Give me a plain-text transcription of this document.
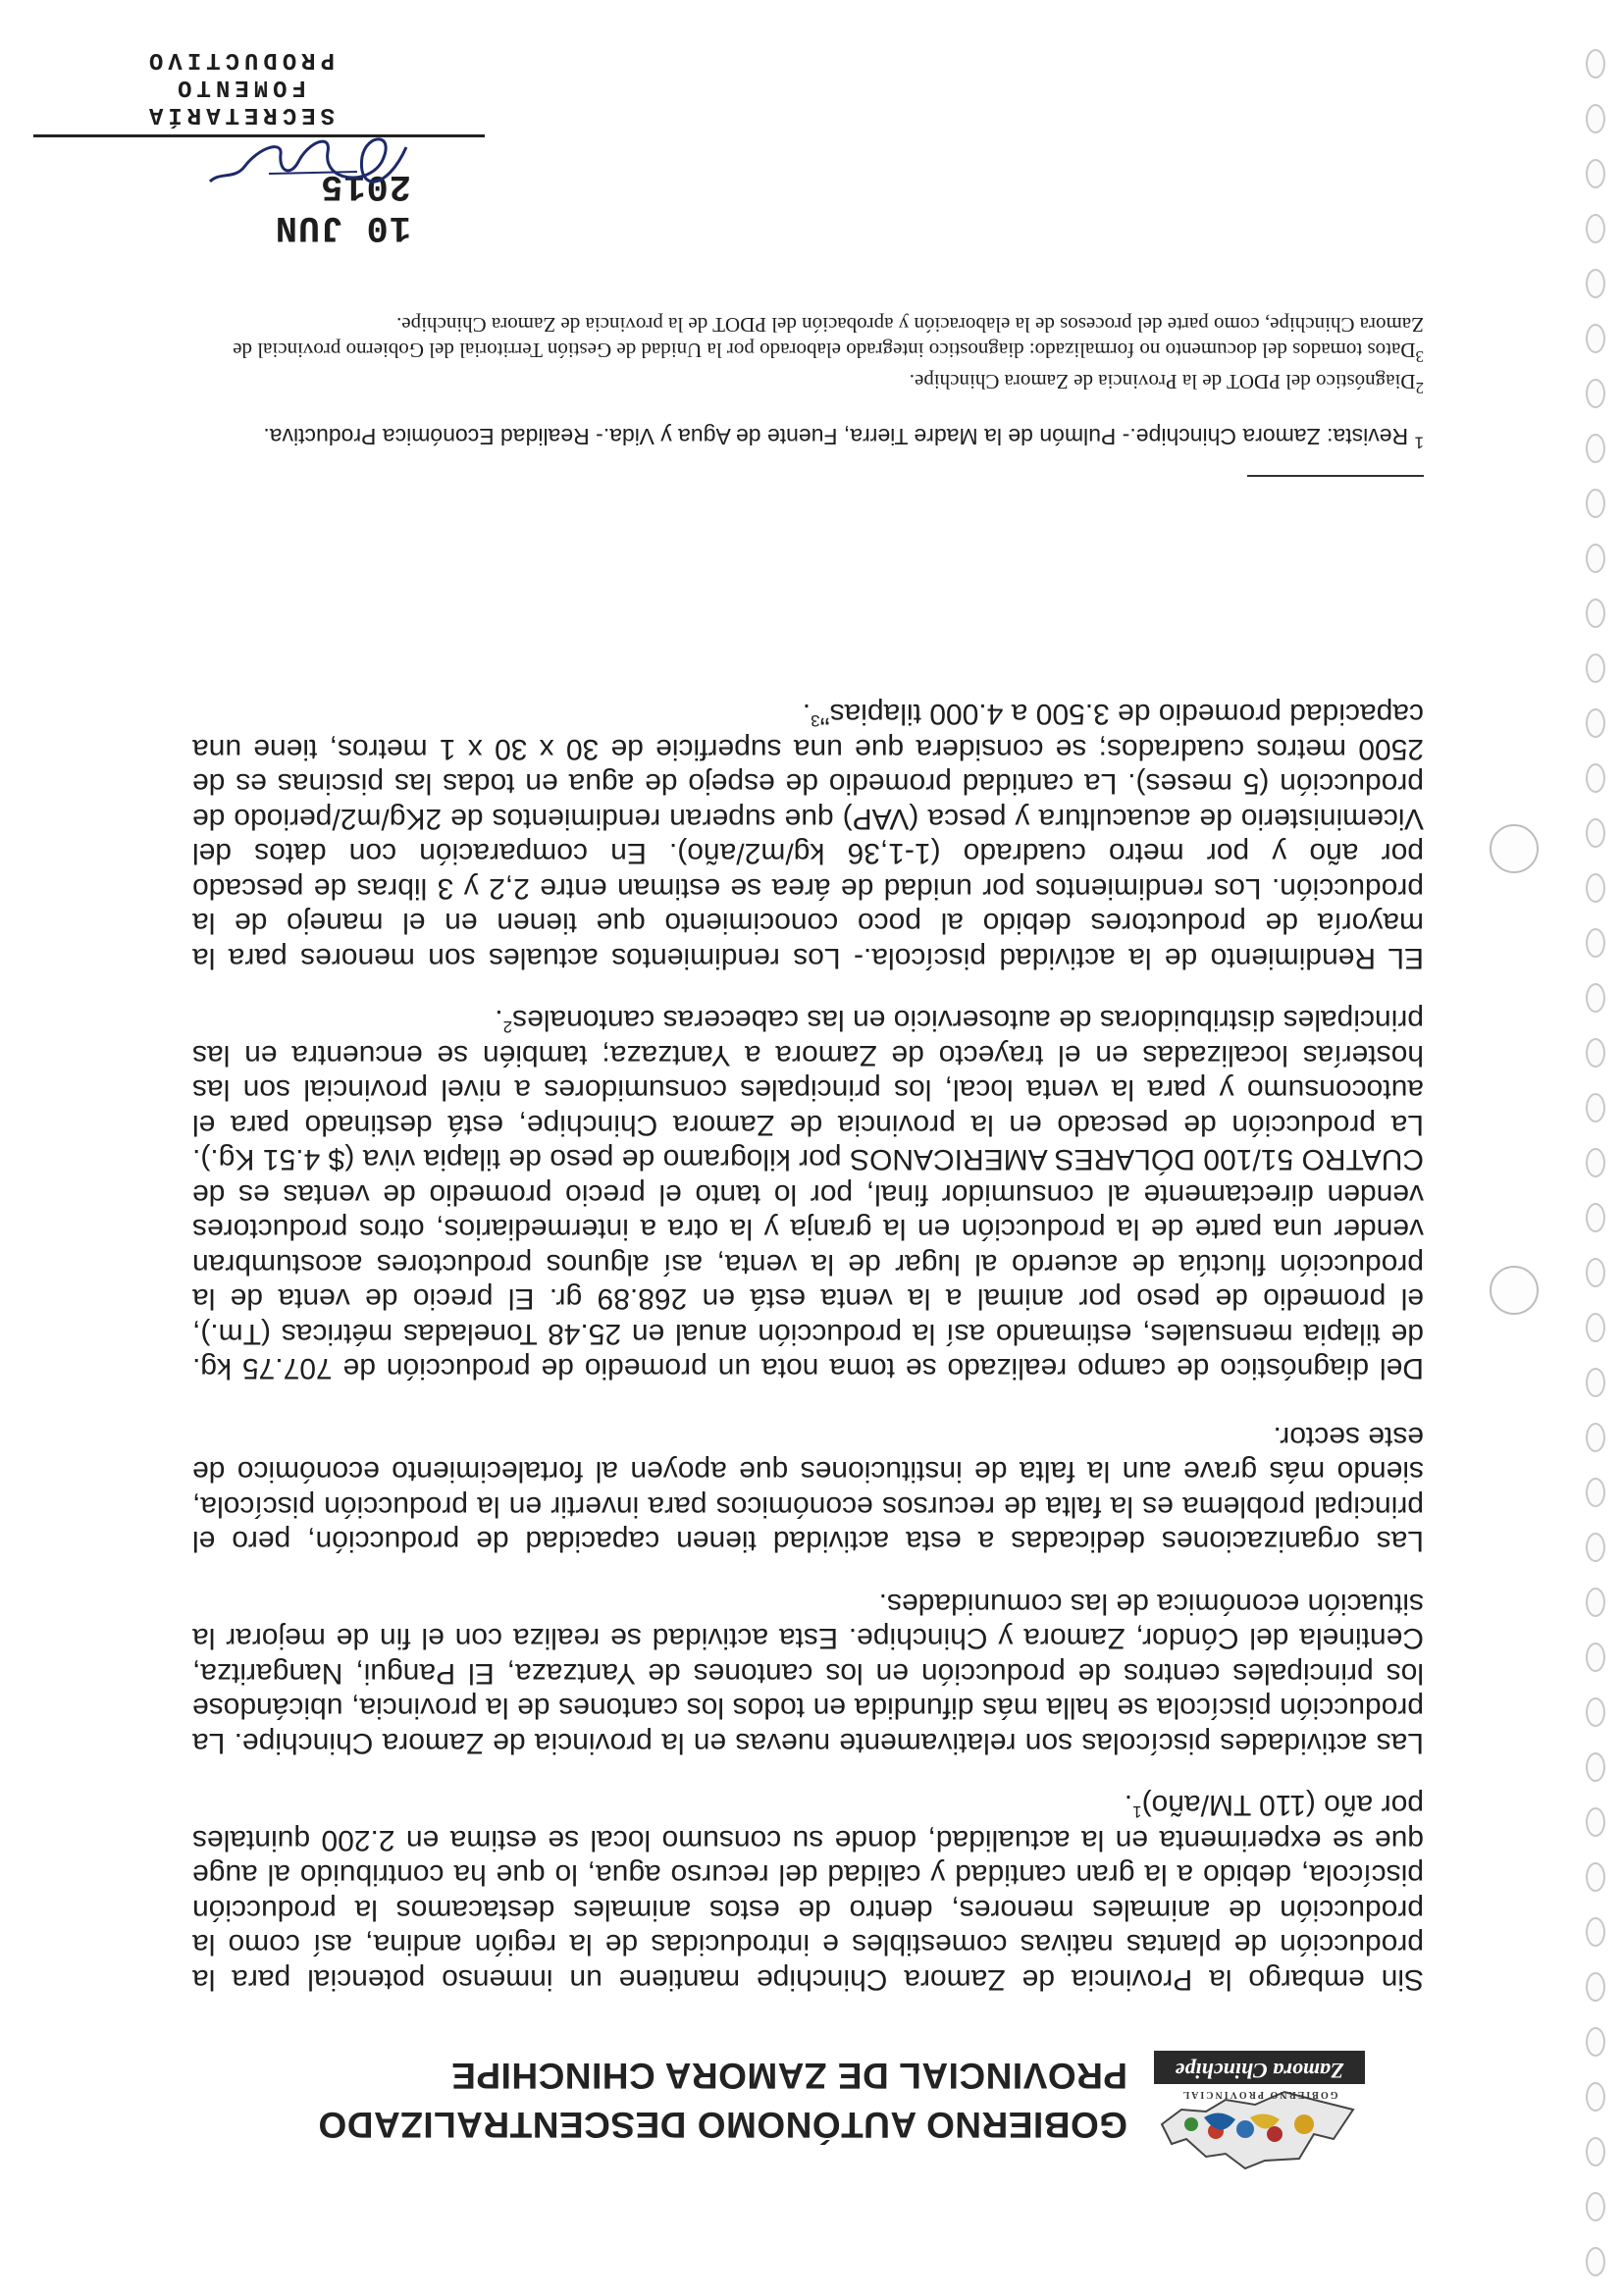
GOBIERNO PROVINCIAL
Zamora Chinchipe
GOBIERNO AUTÓNOMO DESCENTRALIZADO
PROVINCIAL DE ZAMORA CHINCHIPE

Sin embargo la Provincia de Zamora Chinchipe mantiene un inmenso potencial para la producción de plantas nativas comestibles e introducidas de la región andina, así como la producción de animales menores, dentro de estos animales destacamos la producción piscícola, debido a la gran cantidad y calidad del recurso agua, lo que ha contribuido al auge que se experimenta en la actualidad, donde su consumo local se estima en 2.200 quintales por año (110 TM/año)$^1$.

Las actividades piscícolas son relativamente nuevas en la provincia de Zamora Chinchipe. La producción piscícola se halla más difundida en todos los cantones de la provincia, ubicándose los principales centros de producción en los cantones de Yantzaza, El Pangui, Nangaritza, Centinela del Cóndor, Zamora y Chinchipe. Esta actividad se realiza con el fin de mejorar la situación económica de las comunidades.

Las organizaciones dedicadas a esta actividad tienen capacidad de producción, pero el principal problema es la falta de recursos económicos para invertir en la producción piscícola, siendo más grave aun la falta de instituciones que apoyen al fortalecimiento económico de este sector.

Del diagnóstico de campo realizado se toma nota un promedio de producción de 707.75 kg. de tilapia mensuales, estimando así la producción anual en 25.48 Toneladas métricas (Tm.), el promedio de peso por animal a la venta está en 268.89 gr. El precio de venta de la producción fluctúa de acuerdo al lugar de la venta, así algunos productores acostumbran vender una parte de la producción en la granja y la otra a intermediarios, otros productores venden directamente al consumidor final, por lo tanto el precio promedio de ventas es de CUATRO 51/100 DÓLARES AMERICANOS por kilogramo de peso de tilapia viva ($ 4.51 Kg.). La producción de pescado en la provincia de Zamora Chinchipe, está destinado para el autoconsumo y para la venta local, los principales consumidores a nivel provincial son las hosterías localizadas en el trayecto de Zamora a Yantzaza; también se encuentra en las principales distribuidoras de autoservicio en las cabeceras cantonales$^2$.

EL Rendimiento de la actividad piscícola.- Los rendimientos actuales son menores para la mayoría de productores debido al poco conocimiento que tienen en el manejo de la producción. Los rendimientos por unidad de área se estiman entre 2,2 y 3 libras de pescado por año y por metro cuadrado (1-1,36 kg/m2/año). En comparación con datos del Viceministerio de acuacultura y pesca (VAP) que superan rendimientos de 2Kg/m2/periodo de producción (5 meses). La cantidad promedio de espejo de agua en todas las piscinas es de 2500 metros cuadrados; se considera que una superficie de 30 x 30 x 1 metros, tiene una capacidad promedio de 3.500 a 4.000 tilapias”$^3$.

$^1$ Revista: Zamora Chinchipe.- Pulmón de la Madre Tierra, Fuente de Agua y Vida.- Realidad Económica Productiva.

$^2$Diagnóstico del PDOT de la Provincia de Zamora Chinchipe.

$^3$Datos tomados del documento no formalizado: diagnostico integrado elaborado por la Unidad de Gestión Territorial del Gobierno provincial de Zamora Chinchipe, como parte del procesos de la elaboración y aprobación del PDOT de la provincia de Zamora Chinchipe.

10 JUN 2015
SECRETARÍA
FOMENTO PRODUCTIVO
